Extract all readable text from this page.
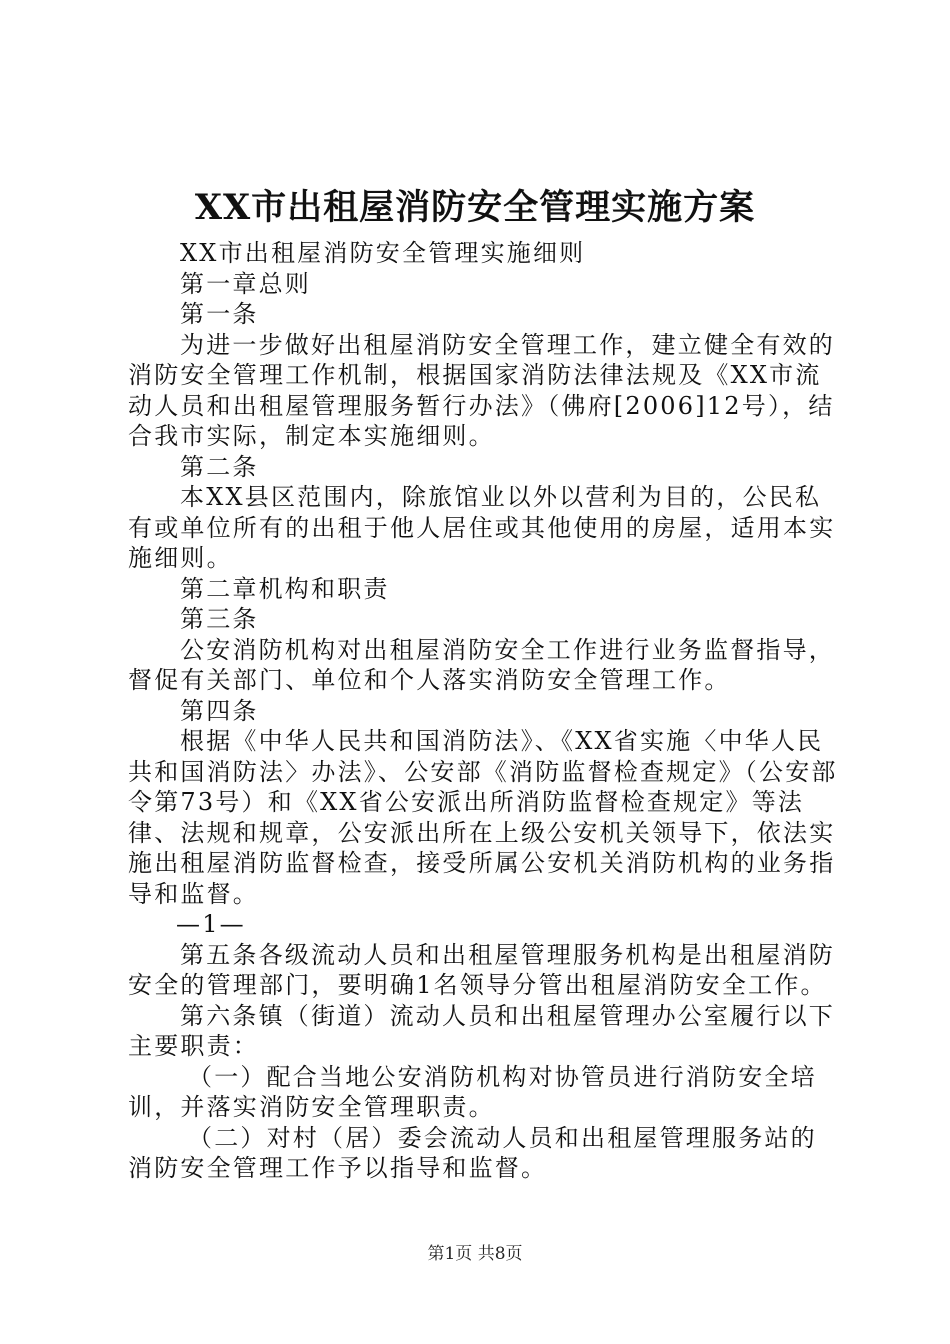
XX市出租屋消防安全管理实施方案

XX市出租屋消防安全管理实施细则

第一章总则

第一条

为进一步做好出租屋消防安全管理工作，建立健全有效的消防安全管理工作机制，根据国家消防法律法规及《XX市流动人员和出租屋管理服务暂行办法》（佛府[2006]12号），结合我市实际，制定本实施细则。

第二条

本XX县区范围内，除旅馆业以外以营利为目的，公民私有或单位所有的出租于他人居住或其他使用的房屋，适用本实施细则。

第二章机构和职责

第三条

公安消防机构对出租屋消防安全工作进行业务监督指导，督促有关部门、单位和个人落实消防安全管理工作。

第四条

根据《中华人民共和国消防法》、《XX省实施〈中华人民共和国消防法〉办法》、公安部《消防监督检查规定》（公安部令第73号）和《XX省公安派出所消防监督检查规定》等法律、法规和规章，公安派出所在上级公安机关领导下，依法实施出租屋消防监督检查，接受所属公安机关消防机构的业务指导和监督。

—1—

第五条各级流动人员和出租屋管理服务机构是出租屋消防安全的管理部门，要明确1名领导分管出租屋消防安全工作。

第六条镇（街道）流动人员和出租屋管理办公室履行以下主要职责：

（一）配合当地公安消防机构对协管员进行消防安全培训，并落实消防安全管理职责。

（二）对村（居）委会流动人员和出租屋管理服务站的消防安全管理工作予以指导和监督。

第1页 共8页
